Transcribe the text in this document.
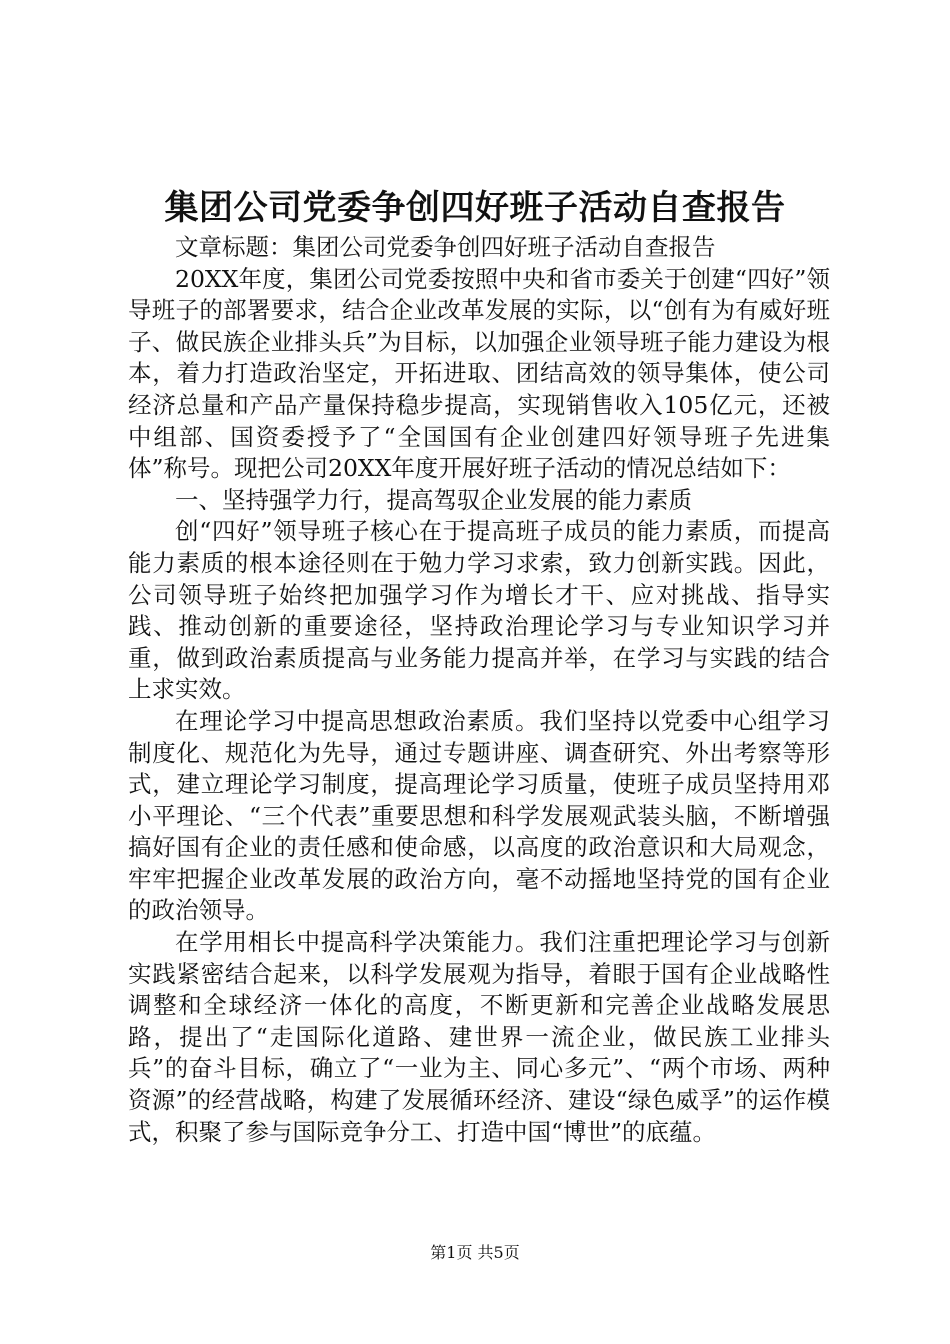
集团公司党委争创四好班子活动自查报告

文章标题：集团公司党委争创四好班子活动自查报告

20XX年度，集团公司党委按照中央和省市委关于创建“四好”领导班子的部署要求，结合企业改革发展的实际，以“创有为有威好班子、做民族企业排头兵”为目标，以加强企业领导班子能力建设为根本，着力打造政治坚定，开拓进取、团结高效的领导集体，使公司经济总量和产品产量保持稳步提高，实现销售收入105亿元，还被中组部、国资委授予了“全国国有企业创建四好领导班子先进集体”称号。现把公司20XX年度开展好班子活动的情况总结如下：

一、坚持强学力行，提高驾驭企业发展的能力素质

创“四好”领导班子核心在于提高班子成员的能力素质，而提高能力素质的根本途径则在于勉力学习求索，致力创新实践。因此，公司领导班子始终把加强学习作为增长才干、应对挑战、指导实践、推动创新的重要途径，坚持政治理论学习与专业知识学习并重，做到政治素质提高与业务能力提高并举，在学习与实践的结合上求实效。

在理论学习中提高思想政治素质。我们坚持以党委中心组学习制度化、规范化为先导，通过专题讲座、调查研究、外出考察等形式，建立理论学习制度，提高理论学习质量，使班子成员坚持用邓小平理论、“三个代表”重要思想和科学发展观武装头脑，不断增强搞好国有企业的责任感和使命感，以高度的政治意识和大局观念，牢牢把握企业改革发展的政治方向，毫不动摇地坚持党的国有企业的政治领导。

在学用相长中提高科学决策能力。我们注重把理论学习与创新实践紧密结合起来，以科学发展观为指导，着眼于国有企业战略性调整和全球经济一体化的高度，不断更新和完善企业战略发展思路，提出了“走国际化道路、建世界一流企业，做民族工业排头兵”的奋斗目标，确立了“一业为主、同心多元”、“两个市场、两种资源”的经营战略，构建了发展循环经济、建设“绿色威孚”的运作模式，积聚了参与国际竞争分工、打造中国“博世”的底蕴。

第1页 共5页
